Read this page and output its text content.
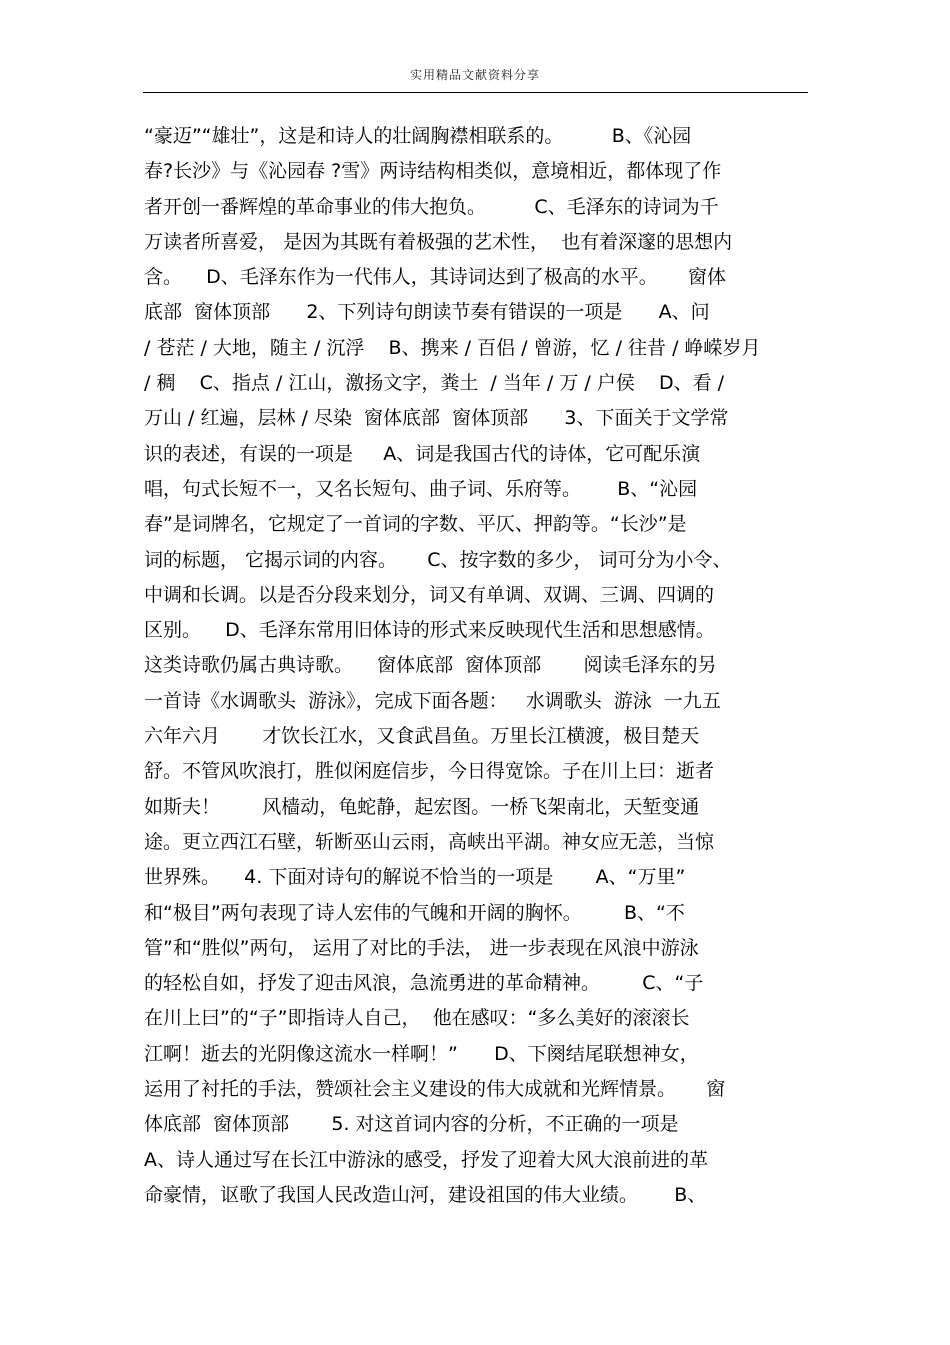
实用精品文献资料分享
“豪迈”“雄壮”，这是和诗人的壮阔胸襟相联系的。        B、《沁园
春?长沙》与《沁园春 ?雪》两诗结构相类似，意境相近，都体现了作
者开创一番辉煌的革命事业的伟大抱负。        C、毛泽东的诗词为千
万读者所喜爱， 是因为其既有着极强的艺术性，  也有着深邃的思想内
含。    D、毛泽东作为一代伟人，其诗词达到了极高的水平。     窗体
底部  窗体顶部      2、下列诗句朗读节奏有错误的一项是      A、问
/ 苍茫 / 大地，随主 / 沉浮    B、携来 / 百侣 / 曾游，忆 / 往昔 / 峥嵘岁月
/ 稠    C、指点 / 江山，激扬文字，粪土  / 当年 / 万 / 户侯    D、看 /
万山 / 红遍，层林 / 尽染  窗体底部  窗体顶部      3、下面关于文学常
识的表述，有误的一项是     A、词是我国古代的诗体，它可配乐演
唱，句式长短不一，又名长短句、曲子词、乐府等。      B、“沁园
春”是词牌名，它规定了一首词的字数、平仄、押韵等。“长沙”是
词的标题， 它揭示词的内容。     C、按字数的多少， 词可分为小令、
中调和长调。以是否分段来划分，词又有单调、双调、三调、四调的
区别。    D、毛泽东常用旧体诗的形式来反映现代生活和思想感情。
这类诗歌仍属古典诗歌。    窗体底部  窗体顶部       阅读毛泽东的另
一首诗《水调歌头  游泳》，完成下面各题：   水调歌头  游泳  一九五
六年六月       才饮长江水，又食武昌鱼。万里长江横渡，极目楚天
舒。不管风吹浪打，胜似闲庭信步，今日得宽馀。子在川上曰：逝者
如斯夫！       风樯动，龟蛇静，起宏图。一桥飞架南北，天堑变通
途。更立西江石壁，斩断巫山云雨，高峡出平湖。神女应无恙，当惊
世界殊。    4. 下面对诗句的解说不恰当的一项是       A、“万里”
和“极目”两句表现了诗人宏伟的气魄和开阔的胸怀。       B、“不
管”和“胜似”两句， 运用了对比的手法， 进一步表现在风浪中游泳
的轻松自如，抒发了迎击风浪，急流勇进的革命精神。       C、“子
在川上曰”的“子”即指诗人自己，  他在感叹：“多么美好的滚滚长
江啊！逝去的光阴像这流水一样啊！”      D、下阕结尾联想神女，
运用了衬托的手法，赞颂社会主义建设的伟大成就和光辉情景。     窗
体底部  窗体顶部       5. 对这首词内容的分析，不正确的一项是
A、诗人通过写在长江中游泳的感受，抒发了迎着大风大浪前进的革
命豪情，讴歌了我国人民改造山河，建设祖国的伟大业绩。      B、
